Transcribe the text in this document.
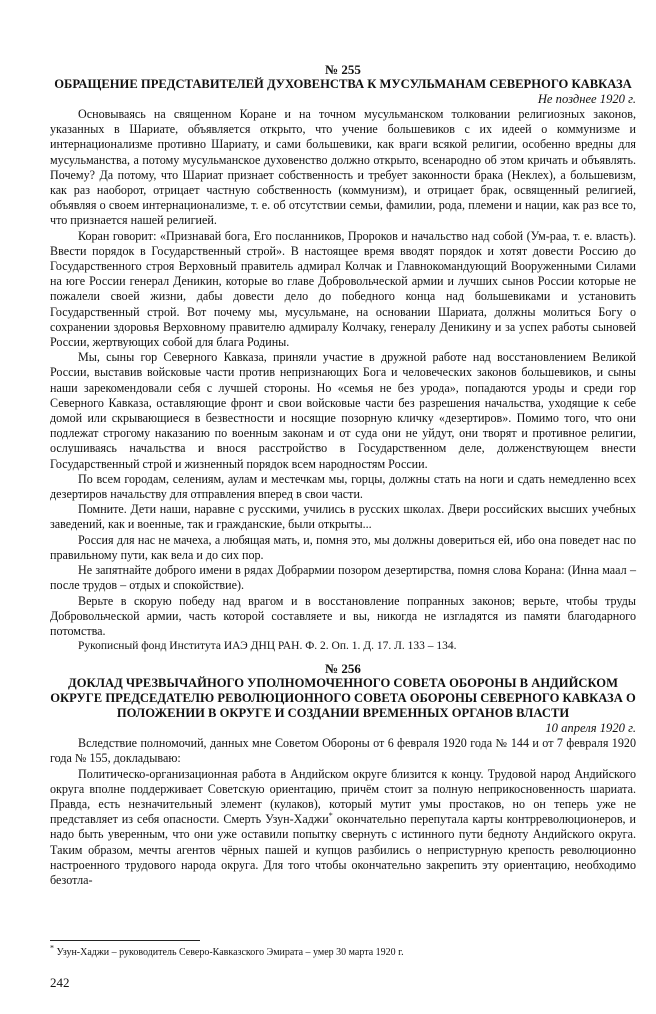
№ 255

ОБРАЩЕНИЕ ПРЕДСТАВИТЕЛЕЙ ДУХОВЕНСТВА К МУСУЛЬМАНАМ СЕВЕРНОГО КАВКАЗА

Не позднее 1920 г.

Основываясь на священном Коране и на точном мусульманском толковании религиозных законов, указанных в Шариате, объявляется открыто, что учение большевиков с их идеей о коммунизме и интернационализме противно Шариату, и сами большевики, как враги всякой религии, особенно вредны для мусульманства, а потому мусульманское духовенство должно открыто, всенародно об этом кричать и объявлять. Почему? Да потому, что Шариат признает собственность и требует законности брака (Неклех), а большевизм, как раз наоборот, отрицает частную собственность (коммунизм), и отрицает брак, освященный религией, объявляя о своем интернационализме, т. е. об отсутствии семьи, фамилии, рода, племени и нации, как раз все то, что признается нашей религией.

Коран говорит: «Признавай бога, Его посланников, Пророков и начальство над собой (Ум-раа, т. е. власть). Ввести порядок в Государственный строй». В настоящее время вводят порядок и хотят довести Россию до Государственного строя Верховный правитель адмирал Колчак и Главнокомандующий Вооруженными Силами на юге России генерал Деникин, которые во главе Добровольческой армии и лучших сынов России которые не пожалели своей жизни, дабы довести дело до победного конца над большевиками и установить Государственный строй. Вот почему мы, мусульмане, на основании Шариата, должны молиться Богу о сохранении здоровья Верховному правителю адмиралу Колчаку, генералу Деникину и за успех работы сыновей России, жертвующих собой для блага Родины.

Мы, сыны гор Северного Кавказа, приняли участие в дружной работе над восстановлением Великой России, выставив войсковые части против непризнающих Бога и человеческих законов большевиков, и сыны наши зарекомендовали себя с лучшей стороны. Но «семья не без урода», попадаются уроды и среди гор Северного Кавказа, оставляющие фронт и свои войсковые части без разрешения начальства, уходящие к себе домой или скрывающиеся в безвестности и носящие позорную кличку «дезертиров». Помимо того, что они подлежат строгому наказанию по военным законам и от суда они не уйдут, они творят и противное религии, ослушиваясь начальства и внося расстройство в Государственном деле, долженствующем внести Государственный строй и жизненный порядок всем народностям России.

По всем городам, селениям, аулам и местечкам мы, горцы, должны стать на ноги и сдать немедленно всех дезертиров начальству для отправления вперед в свои части.

Помните. Дети наши, наравне с русскими, учились в русских школах. Двери российских высших учебных заведений, как и военные, так и гражданские, были открыты...

Россия для нас не мачеха, а любящая мать, и, помня это, мы должны довериться ей, ибо она поведет нас по правильному пути, как вела и до сих пор.

Не запятнайте доброго имени в рядах Добрармии позором дезертирства, помня слова Корана: (Инна маал – после трудов – отдых и спокойствие).

Верьте в скорую победу над врагом и в восстановление попранных законов; верьте, чтобы труды Добровольческой армии, часть которой составляете и вы, никогда не изгладятся из памяти благодарного потомства.

Рукописный фонд Института ИАЭ ДНЦ РАН. Ф. 2. Оп. 1. Д. 17. Л. 133 – 134.

№ 256

ДОКЛАД ЧРЕЗВЫЧАЙНОГО УПОЛНОМОЧЕННОГО СОВЕТА ОБОРОНЫ В АНДИЙСКОМ ОКРУГЕ ПРЕДСЕДАТЕЛЮ РЕВОЛЮЦИОННОГО СОВЕТА ОБОРОНЫ СЕВЕРНОГО КАВКАЗА О ПОЛОЖЕНИИ В ОКРУГЕ И СОЗДАНИИ ВРЕМЕННЫХ ОРГАНОВ ВЛАСТИ

10 апреля 1920 г.

Вследствие полномочий, данных мне Советом Обороны от 6 февраля 1920 года № 144 и от 7 февраля 1920 года № 155, докладываю:

Политическо-организационная работа в Андийском округе близится к концу. Трудовой народ Андийского округа вполне поддерживает Советскую ориентацию, причём стоит за полную неприкосновенность шариата. Правда, есть незначительный элемент (кулаков), который мутит умы простаков, но он теперь уже не представляет из себя опасности. Смерть Узун-Хаджи* окончательно перепутала карты контрреволюционеров, и надо быть уверенным, что они уже оставили попытку свернуть с истинного пути бедноту Андийского округа. Таким образом, мечты агентов чёрных пашей и купцов разбились о непристурную крепость революционно настроенного трудового народа округа. Для того чтобы окончательно закрепить эту ориентацию, необходимо безотла-

* Узун-Хаджи – руководитель Северо-Кавказского Эмирата – умер 30 марта 1920 г.
242
